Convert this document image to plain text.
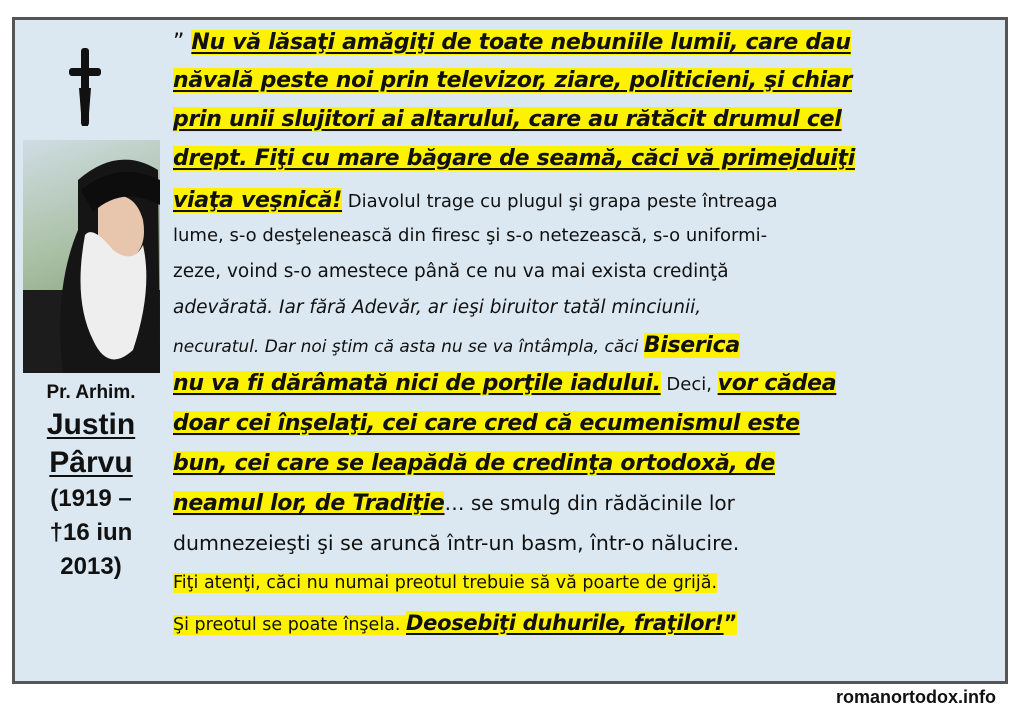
Pr. Arhim.
Justin
Pârvu
(1919 –
†16 iun
2013)
” Nu vă lăsaţi amăgiţi de toate nebuniile lumii, care dau
năvală peste noi prin televizor, ziare, politicieni, şi chiar
prin unii slujitori ai altarului, care au rătăcit drumul cel
drept. Fiţi cu mare băgare de seamă, căci vă primejduiţi
viaţa veşnică! Diavolul trage cu plugul şi grapa peste întreaga
lume, s-o desţelenească din firesc şi s-o netezească, s-o uniformi-
zeze, voind s-o amestece până ce nu va mai exista credinţă
adevărată. Iar fără Adevăr, ar ieşi biruitor tatăl minciunii,
necuratul. Dar noi ştim că asta nu se va întâmpla, căci Biserica
nu va fi dărâmată nici de porţile iadului. Deci, vor cădea
doar cei înşelaţi, cei care cred că ecumenismul este
bun, cei care se leapădă de credinţa ortodoxă, de
neamul lor, de Tradiţie… se smulg din rădăcinile lor
dumnezeieşti şi se aruncă într-un basm, într-o nălucire.
Fiţi atenţi, căci nu numai preotul trebuie să vă poarte de grijă.
Şi preotul se poate înşela. Deosebiţi duhurile, fraţilor!”
romanortodox.info
